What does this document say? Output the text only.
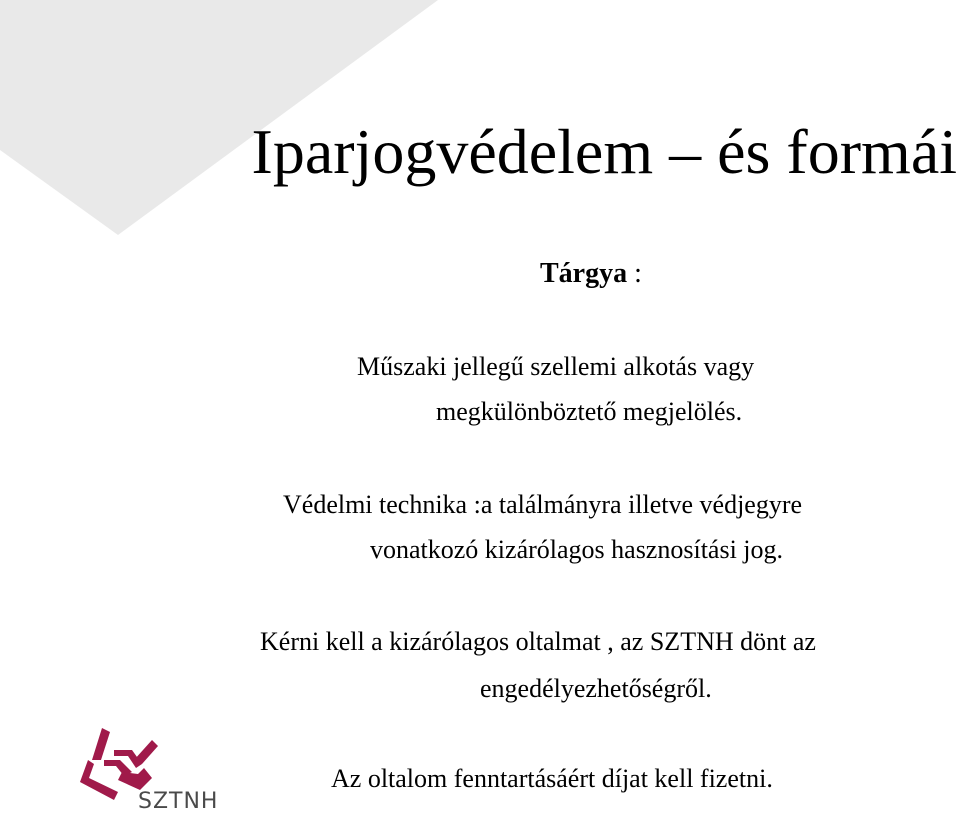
Iparjogvédelem – és formái
Tárgya :
Műszaki jellegű szellemi alkotás vagy
megkülönböztető megjelölés.
Védelmi technika :a találmányra illetve védjegyre
vonatkozó kizárólagos hasznosítási jog.
Kérni kell a kizárólagos oltalmat , az SZTNH dönt az
engedélyezhetőségről.
Az oltalom fenntartásáért díjat kell fizetni.
SZTNH
